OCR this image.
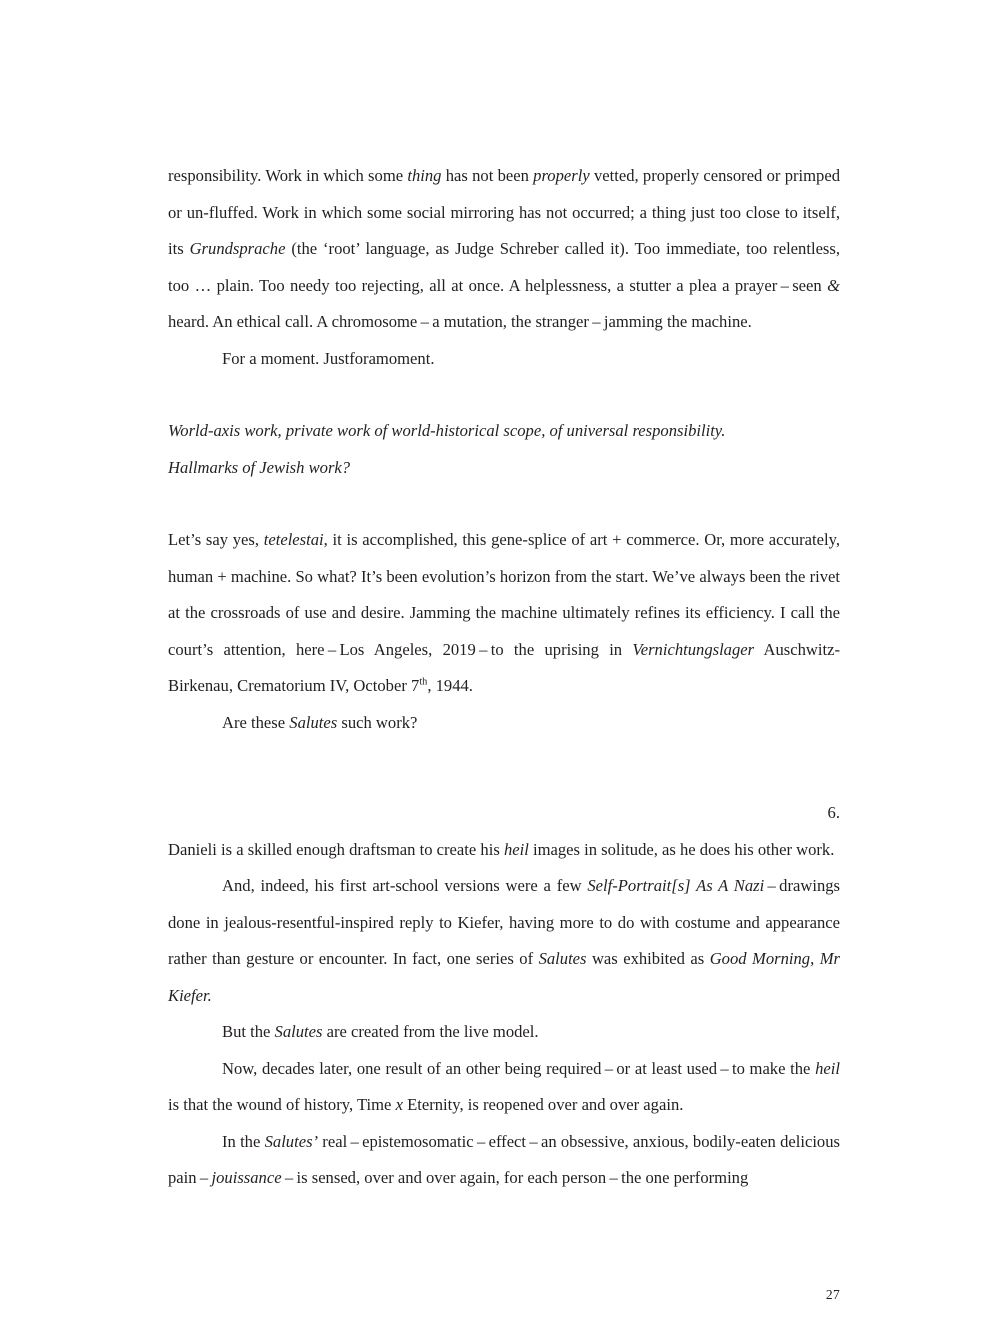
responsibility. Work in which some thing has not been properly vetted, properly censored or primped or un-fluffed. Work in which some social mirroring has not occurred; a thing just too close to itself, its Grundsprache (the ‘root’ language, as Judge Schreber called it). Too immediate, too relentless, too … plain. Too needy too rejecting, all at once. A helplessness, a stutter a plea a prayer – seen & heard. An ethical call. A chromosome – a mutation, the stranger – jamming the machine.

For a moment. Justforamoment.

World-axis work, private work of world-historical scope, of universal responsibility.

Hallmarks of Jewish work?

Let’s say yes, tetelestai, it is accomplished, this gene-splice of art + commerce. Or, more accurately, human + machine. So what? It’s been evolution’s horizon from the start. We’ve always been the rivet at the crossroads of use and desire. Jamming the machine ultimately refines its efficiency. I call the court’s attention, here – Los Angeles, 2019 – to the uprising in Vernichtungslager Auschwitz-Birkenau, Crematorium IV, October 7th, 1944.

Are these Salutes such work?

6.

Danieli is a skilled enough draftsman to create his heil images in solitude, as he does his other work.

And, indeed, his first art-school versions were a few Self-Portrait[s] As A Nazi – drawings done in jealous-resentful-inspired reply to Kiefer, having more to do with costume and appearance rather than gesture or encounter. In fact, one series of Salutes was exhibited as Good Morning, Mr Kiefer.

But the Salutes are created from the live model.

Now, decades later, one result of an other being required – or at least used – to make the heil is that the wound of history, Time x Eternity, is reopened over and over again.

In the Salutes’ real – epistemosomatic – effect – an obsessive, anxious, bodily-eaten delicious pain – jouissance – is sensed, over and over again, for each person – the one performing

27
